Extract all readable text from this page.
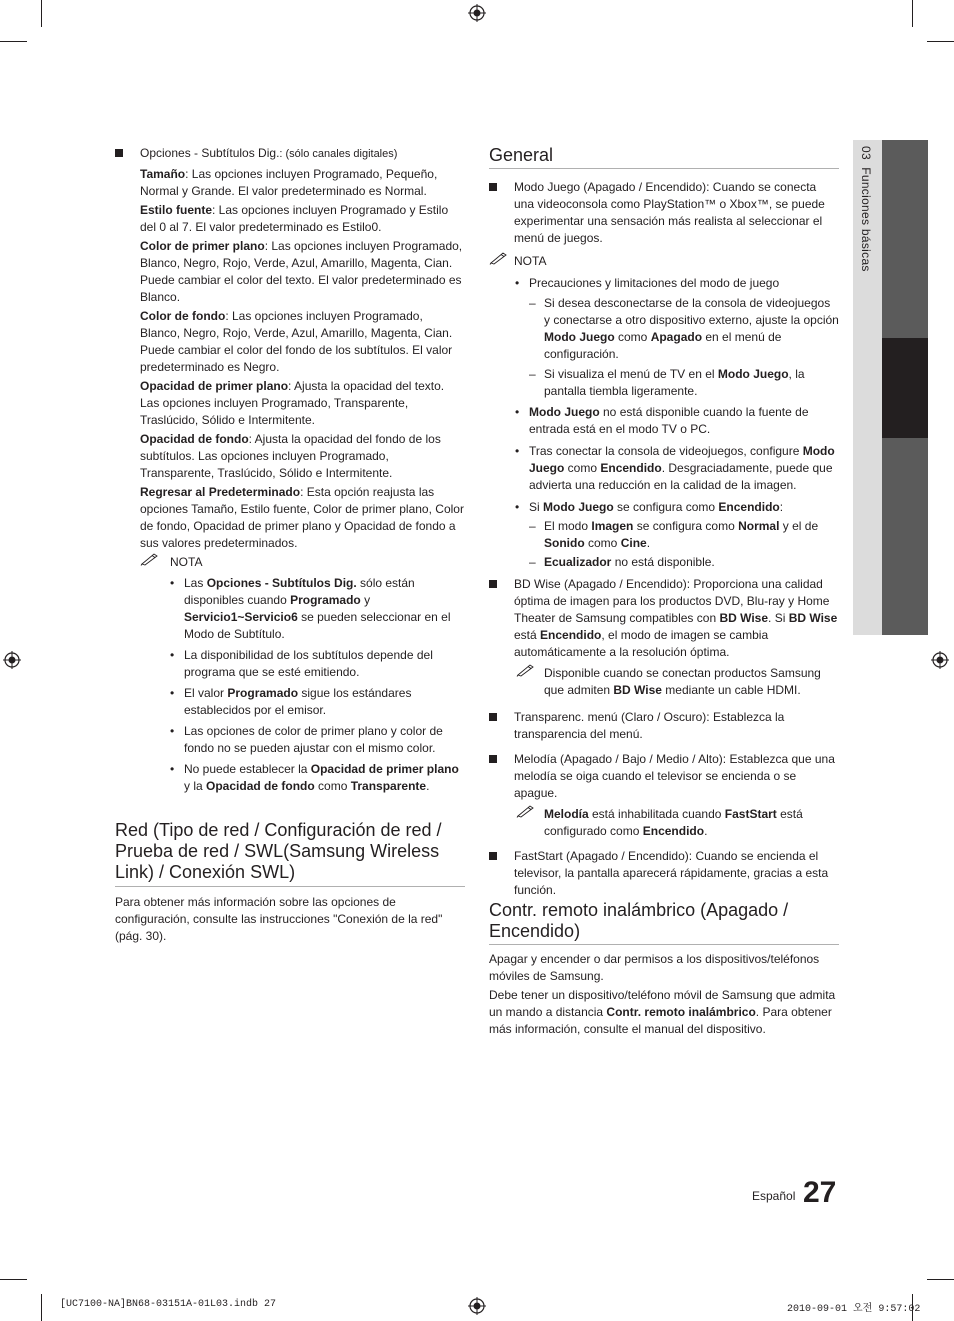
03  Funciones básicas

Opciones - Subtítulos Dig.: (sólo canales digitales)

Tamaño: Las opciones incluyen Programado, Pequeño, Normal y Grande. El valor predeterminado es Normal.

Estilo fuente: Las opciones incluyen Programado y Estilo del 0 al 7. El valor predeterminado es Estilo0.

Color de primer plano: Las opciones incluyen Programado, Blanco, Negro, Rojo, Verde, Azul, Amarillo, Magenta, Cian. Puede cambiar el color del texto. El valor predeterminado es Blanco.

Color de fondo: Las opciones incluyen Programado, Blanco, Negro, Rojo, Verde, Azul, Amarillo, Magenta, Cian. Puede cambiar el color del fondo de los subtítulos. El valor predeterminado es Negro.

Opacidad de primer plano: Ajusta la opacidad del texto. Las opciones incluyen Programado, Transparente, Traslúcido, Sólido e Intermitente.

Opacidad de fondo: Ajusta la opacidad del fondo de los subtítulos. Las opciones incluyen Programado, Transparente, Traslúcido, Sólido e Intermitente.

Regresar al Predeterminado: Esta opción reajusta las opciones Tamaño, Estilo fuente, Color de primer plano, Color de fondo, Opacidad de primer plano y Opacidad de fondo a sus valores predeterminados.

NOTA
• Las Opciones - Subtítulos Dig. sólo están disponibles cuando Programado y Servicio1~Servicio6 se pueden seleccionar en el Modo de Subtítulo.
• La disponibilidad de los subtítulos depende del programa que se esté emitiendo.
• El valor Programado sigue los estándares establecidos por el emisor.
• Las opciones de color de primer plano y color de fondo no se pueden ajustar con el mismo color.
• No puede establecer la Opacidad de primer plano y la Opacidad de fondo como Transparente.
Red (Tipo de red / Configuración de red / Prueba de red / SWL(Samsung Wireless Link) / Conexión SWL)

Para obtener más información sobre las opciones de configuración, consulte las instrucciones "Conexión de la red" (pág. 30).

General
Modo Juego (Apagado / Encendido): Cuando se conecta una videoconsola como PlayStation™ o Xbox™, se puede experimentar una sensación más realista al seleccionar el menú de juegos.
NOTA
• Precauciones y limitaciones del modo de juego
– Si desea desconectarse de la consola de videojuegos y conectarse a otro dispositivo externo, ajuste la opción Modo Juego como Apagado en el menú de configuración.
– Si visualiza el menú de TV en el Modo Juego, la pantalla tiembla ligeramente.
• Modo Juego no está disponible cuando la fuente de entrada está en el modo TV o PC.
• Tras conectar la consola de videojuegos, configure Modo Juego como Encendido. Desgraciadamente, puede que advierta una reducción en la calidad de la imagen.
• Si Modo Juego se configura como Encendido:
– El modo Imagen se configura como Normal y el de Sonido como Cine.
– Ecualizador no está disponible.
BD Wise (Apagado / Encendido): Proporciona una calidad óptima de imagen para los productos DVD, Blu-ray y Home Theater de Samsung compatibles con BD Wise. Si BD Wise está Encendido, el modo de imagen se cambia automáticamente a la resolución óptima.
Disponible cuando se conectan productos Samsung que admiten BD Wise mediante un cable HDMI.
Transparenc. menú (Claro / Oscuro): Establezca la transparencia del menú.
Melodía (Apagado / Bajo / Medio / Alto): Establezca que una melodía se oiga cuando el televisor se encienda o se apague.
Melodía está inhabilitada cuando FastStart está configurado como Encendido.
FastStart (Apagado / Encendido): Cuando se encienda el televisor, la pantalla aparecerá rápidamente, gracias a esta función.
Contr. remoto inalámbrico (Apagado / Encendido)

Apagar y encender o dar permisos a los dispositivos/teléfonos móviles de Samsung.

Debe tener un dispositivo/teléfono móvil de Samsung que admita un mando a distancia Contr. remoto inalámbrico. Para obtener más información, consulte el manual del dispositivo.

Español 27
[UC7100-NA]BN68-03151A-01L03.indb 27	2010-09-01 오전 9:57:02
